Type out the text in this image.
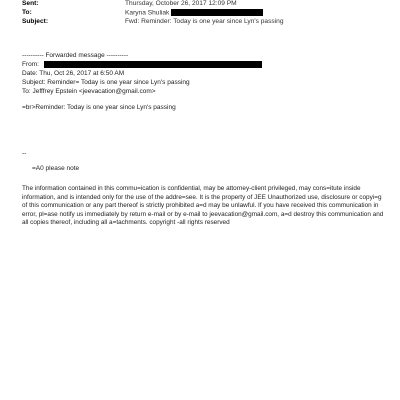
Sent:	Thursday, October 26, 2017 12:09 PM
To:	Karyna Shuliak
Subject:	Fwd: Reminder: Today is one year since Lyn's passing
---------- Forwarded message ----------
From:
Date: Thu, Oct 26, 2017 at 6:50 AM
Subject: Reminder= Today is one year since Lyn's passing
To: Jefffrey Epstein <jeevacation@gmail.com>
=br>Reminder: Today is one year since Lyn's passing
--
=A0 please note
The information contained in this commu=ication is confidential, may be attorney-client privileged, may cons=itute inside information, and is intended only for the use of the addre=see. It is the property of JEE Unauthorized use, disclosure or copyi=g of this communication or any part thereof is strictly prohibited a=d may be unlawful. If you have received this communication in error, pl=ase notify us immediately by return e-mail or by e-mail to jeevacation@gmail.com, a=d destroy this communication and all copies thereof, including all a=tachments. copyright -all rights reserved
